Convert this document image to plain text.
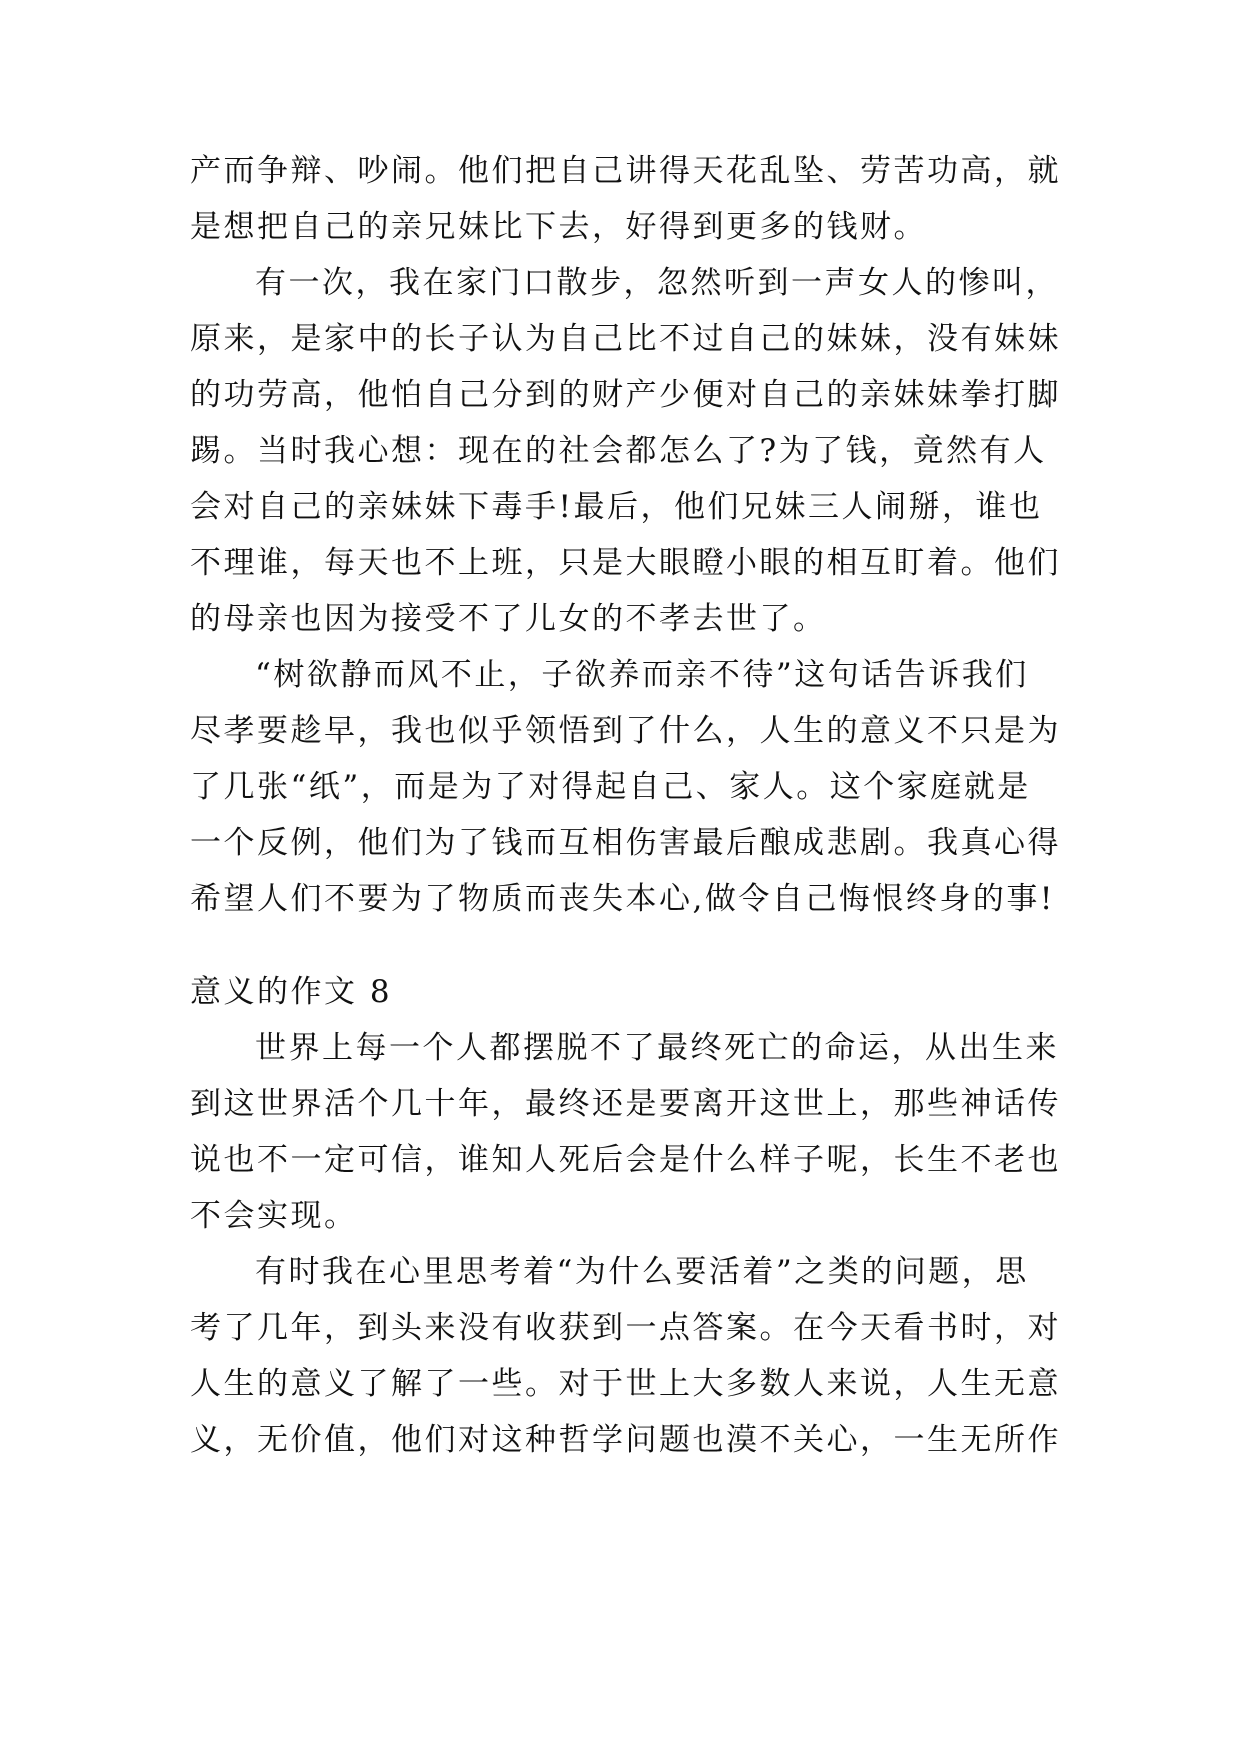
产而争辩、吵闹。他们把自己讲得天花乱坠、劳苦功高，就
是想把自己的亲兄妹比下去，好得到更多的钱财。
有一次，我在家门口散步，忽然听到一声女人的惨叫，
原来，是家中的长子认为自己比不过自己的妹妹，没有妹妹
的功劳高，他怕自己分到的财产少便对自己的亲妹妹拳打脚
踢。当时我心想：现在的社会都怎么了?为了钱，竟然有人
会对自己的亲妹妹下毒手!最后，他们兄妹三人闹掰，谁也
不理谁，每天也不上班，只是大眼瞪小眼的相互盯着。他们
的母亲也因为接受不了儿女的不孝去世了。
“树欲静而风不止，子欲养而亲不待”这句话告诉我们
尽孝要趁早，我也似乎领悟到了什么，人生的意义不只是为
了几张“纸”，而是为了对得起自己、家人。这个家庭就是
一个反例，他们为了钱而互相伤害最后酿成悲剧。我真心得
希望人们不要为了物质而丧失本心,做令自己悔恨终身的事!
意义的作文 8
世界上每一个人都摆脱不了最终死亡的命运，从出生来
到这世界活个几十年，最终还是要离开这世上，那些神话传
说也不一定可信，谁知人死后会是什么样子呢，长生不老也
不会实现。
有时我在心里思考着“为什么要活着”之类的问题，思
考了几年，到头来没有收获到一点答案。在今天看书时，对
人生的意义了解了一些。对于世上大多数人来说，人生无意
义，无价值，他们对这种哲学问题也漠不关心，一生无所作
